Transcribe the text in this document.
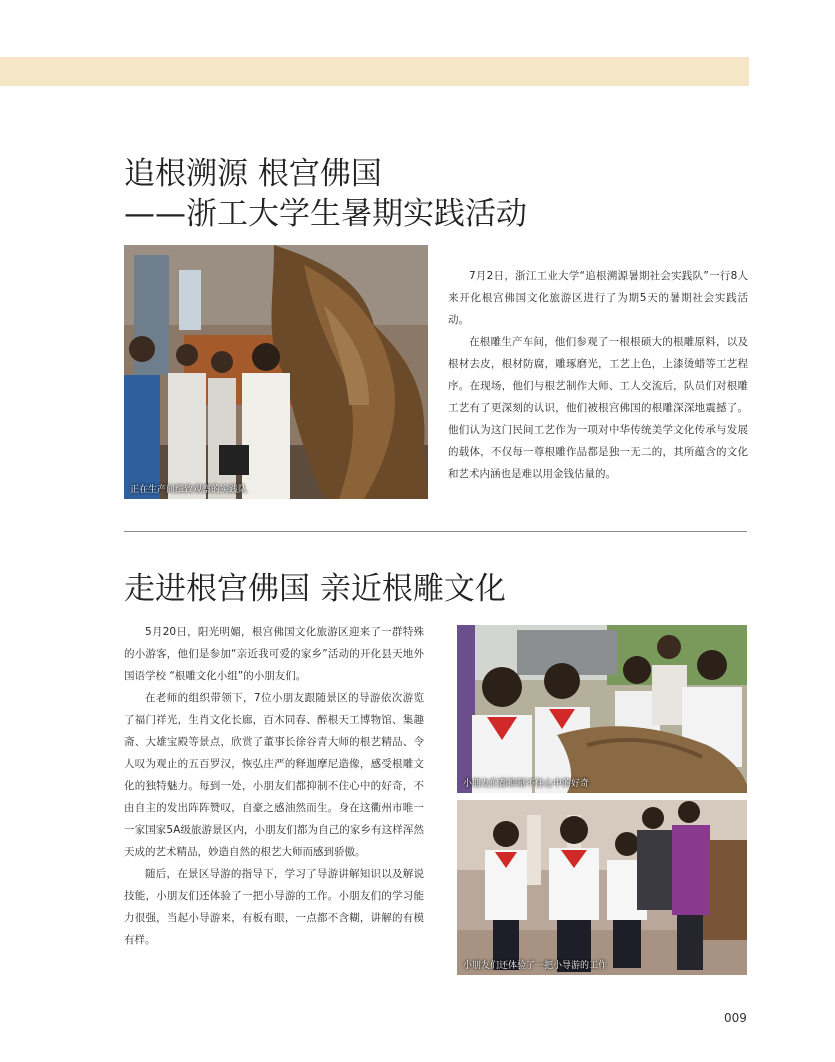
追根溯源 根宫佛国
——浙工大学生暑期实践活动
正在生产间细致观察的实践队

7月2日，浙江工业大学“追根溯源暑期社会实践队”一行8人来开化根宫佛国文化旅游区进行了为期5天的暑期社会实践活动。

在根雕生产车间，他们参观了一根根硕大的根雕原料，以及根材去皮，根材防腐，雕琢磨光，工艺上色，上漆烫蜡等工艺程序。在现场，他们与根艺制作大师、工人交流后，队员们对根雕工艺有了更深刻的认识，他们被根宫佛国的根雕深深地震撼了。他们认为这门民间工艺作为一项对中华传统美学文化传承与发展的载体，不仅每一尊根雕作品都是独一无二的，其所蕴含的文化和艺术内涵也是难以用金钱估量的。

走进根宫佛国 亲近根雕文化

5月20日，阳光明媚，根宫佛国文化旅游区迎来了一群特殊的小游客，他们是参加“亲近我可爱的家乡”活动的开化县天地外国语学校 “根雕文化小组”的小朋友们。

在老师的组织带领下，7位小朋友跟随景区的导游依次游览了福门祥光，生肖文化长廊，百木同春、醉根天工博物馆、集趣斋、大雄宝殿等景点，欣赏了董事长徐谷青大师的根艺精品、令人叹为观止的五百罗汉，恢弘庄严的释迦摩尼造像，感受根雕文化的独特魅力。每到一处，小朋友们都抑制不住心中的好奇，不由自主的发出阵阵赞叹，自豪之感油然而生。身在这衢州市唯一一家国家5A级旅游景区内，小朋友们都为自己的家乡有这样浑然天成的艺术精品，妙造自然的根艺大师而感到骄傲。

随后，在景区导游的指导下，学习了导游讲解知识以及解说技能，小朋友们还体验了一把小导游的工作。小朋友们的学习能力很强，当起小导游来，有板有眼，一点都不含糊，讲解的有模有样。

小朋友们都抑制不住心中的好奇
小朋友们还体验了一把小导游的工作
009
